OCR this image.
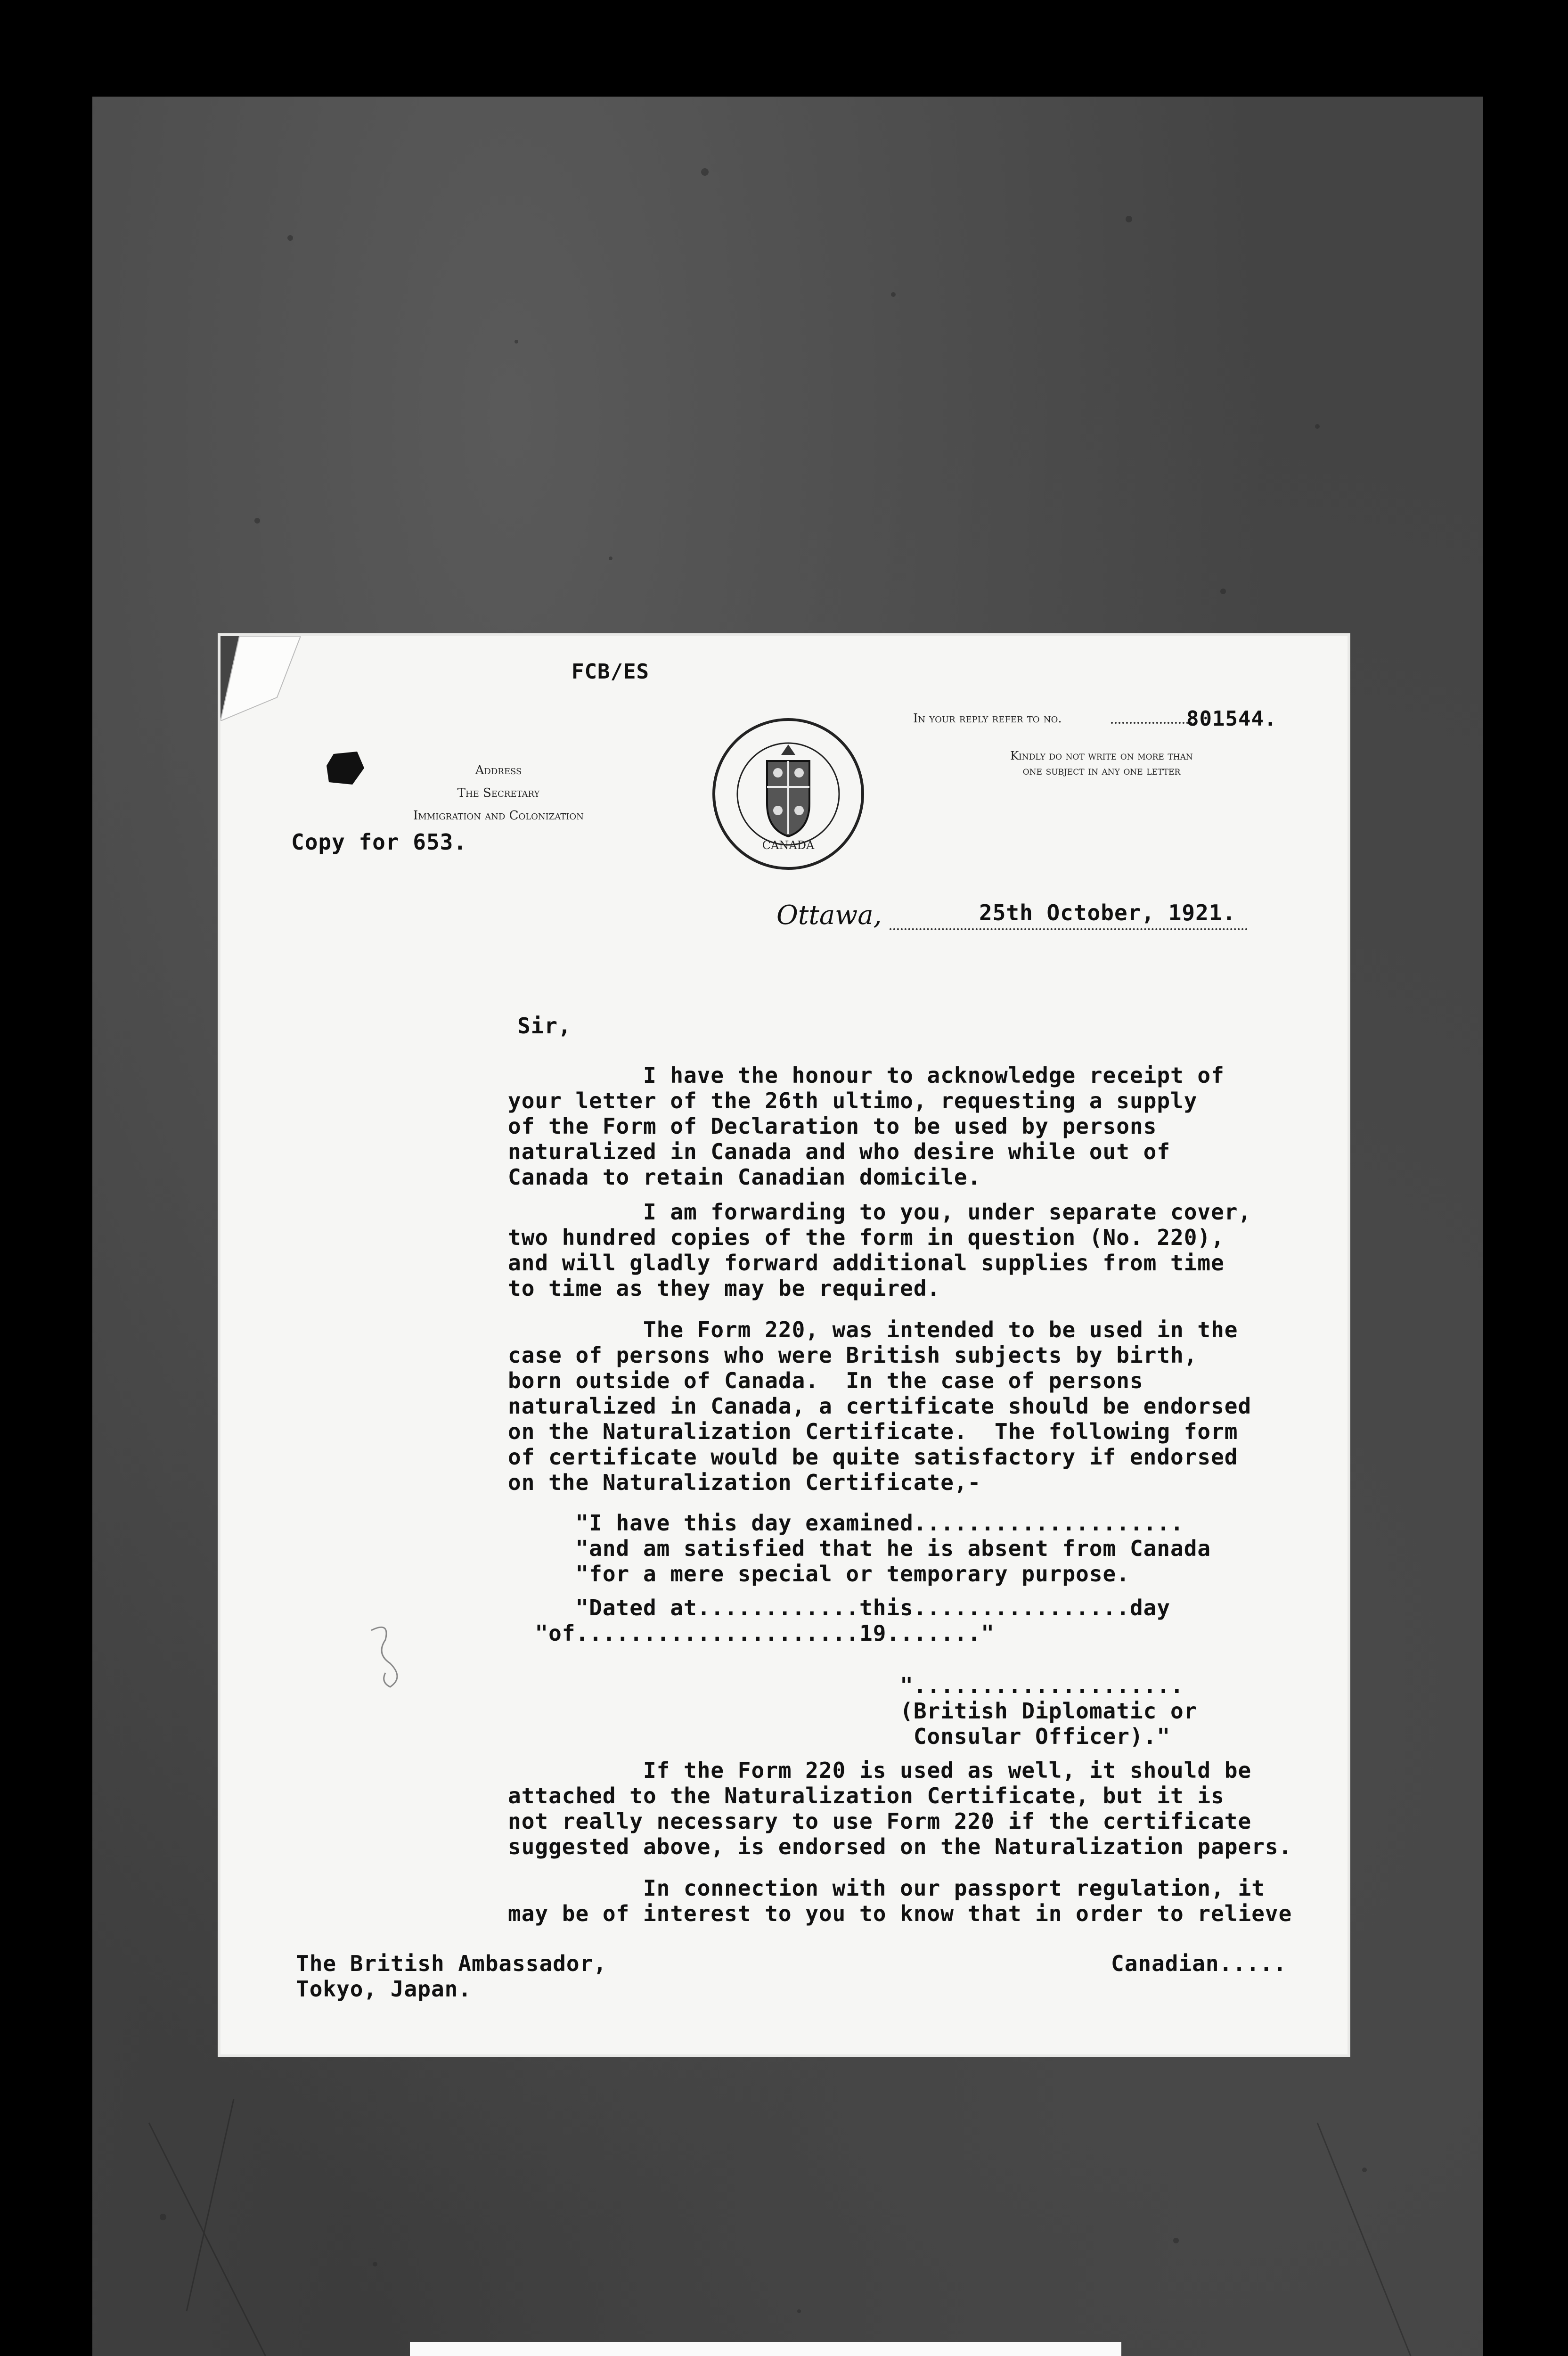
FCB/ES
In your reply refer to no.	801544.
Kindly do not write on more than
one subject in any one letter
Address
The Secretary
Immigration and Colonization
CANADA
Copy for 653.
Ottawa,	25th October, 1921.
Sir,
I have the honour to acknowledge receipt of
your letter of the 26th ultimo, requesting a supply
of the Form of Declaration to be used by persons
naturalized in Canada and who desire while out of
Canada to retain Canadian domicile.
I am forwarding to you, under separate cover,
two hundred copies of the form in question (No. 220),
and will gladly forward additional supplies from time
to time as they may be required.
The Form 220, was intended to be used in the
case of persons who were British subjects by birth,
born outside of Canada.  In the case of persons
naturalized in Canada, a certificate should be endorsed
on the Naturalization Certificate.  The following form
of certificate would be quite satisfactory if endorsed
on the Naturalization Certificate,-
"I have this day examined....................
"and am satisfied that he is absent from Canada
"for a mere special or temporary purpose.
"Dated at............this................day
"of.....................19......."
"....................
(British Diplomatic or
Consular Officer)."
If the Form 220 is used as well, it should be
attached to the Naturalization Certificate, but it is
not really necessary to use Form 220 if the certificate
suggested above, is endorsed on the Naturalization papers.
In connection with our passport regulation, it
may be of interest to you to know that in order to relieve
Canadian.....
The British Ambassador,
Tokyo, Japan.
